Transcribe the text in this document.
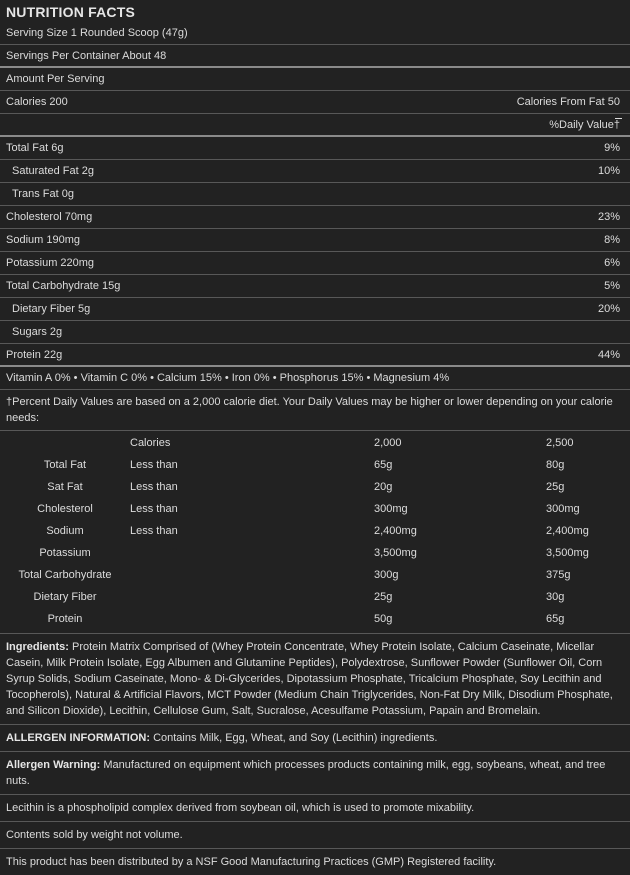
NUTRITION FACTS
Serving Size 1 Rounded Scoop (47g)
Servings Per Container About 48
Amount Per Serving
Calories 200	Calories From Fat 50
%Daily Value†
Total Fat 6g	9%
Saturated Fat 2g	10%
Trans Fat 0g
Cholesterol 70mg	23%
Sodium 190mg	8%
Potassium 220mg	6%
Total Carbohydrate 15g	5%
Dietary Fiber 5g	20%
Sugars 2g
Protein 22g	44%
Vitamin A 0% • Vitamin C 0% • Calcium 15% • Iron 0% • Phosphorus 15% • Magnesium 4%
†Percent Daily Values are based on a 2,000 calorie diet. Your Daily Values may be higher or lower depending on your calorie needs:
	Calories	2,000	2,500
Total Fat	Less than	65g	80g
Sat Fat	Less than	20g	25g
Cholesterol	Less than	300mg	300mg
Sodium	Less than	2,400mg	2,400mg
Potassium		3,500mg	3,500mg
Total Carbohydrate		300g	375g
Dietary Fiber		25g	30g
Protein		50g	65g
Ingredients: Protein Matrix Comprised of (Whey Protein Concentrate, Whey Protein Isolate, Calcium Caseinate, Micellar Casein, Milk Protein Isolate, Egg Albumen and Glutamine Peptides), Polydextrose, Sunflower Powder (Sunflower Oil, Corn Syrup Solids, Sodium Caseinate, Mono- & Di-Glycerides, Dipotassium Phosphate, Tricalcium Phosphate, Soy Lecithin and Tocopherols), Natural & Artificial Flavors, MCT Powder (Medium Chain Triglycerides, Non-Fat Dry Milk, Disodium Phosphate, and Silicon Dioxide), Lecithin, Cellulose Gum, Salt, Sucralose, Acesulfame Potassium, Papain and Bromelain.
ALLERGEN INFORMATION: Contains Milk, Egg, Wheat, and Soy (Lecithin) ingredients.
Allergen Warning: Manufactured on equipment which processes products containing milk, egg, soybeans, wheat, and tree nuts.
Lecithin is a phospholipid complex derived from soybean oil, which is used to promote mixability.
Contents sold by weight not volume.
This product has been distributed by a NSF Good Manufacturing Practices (GMP) Registered facility.
